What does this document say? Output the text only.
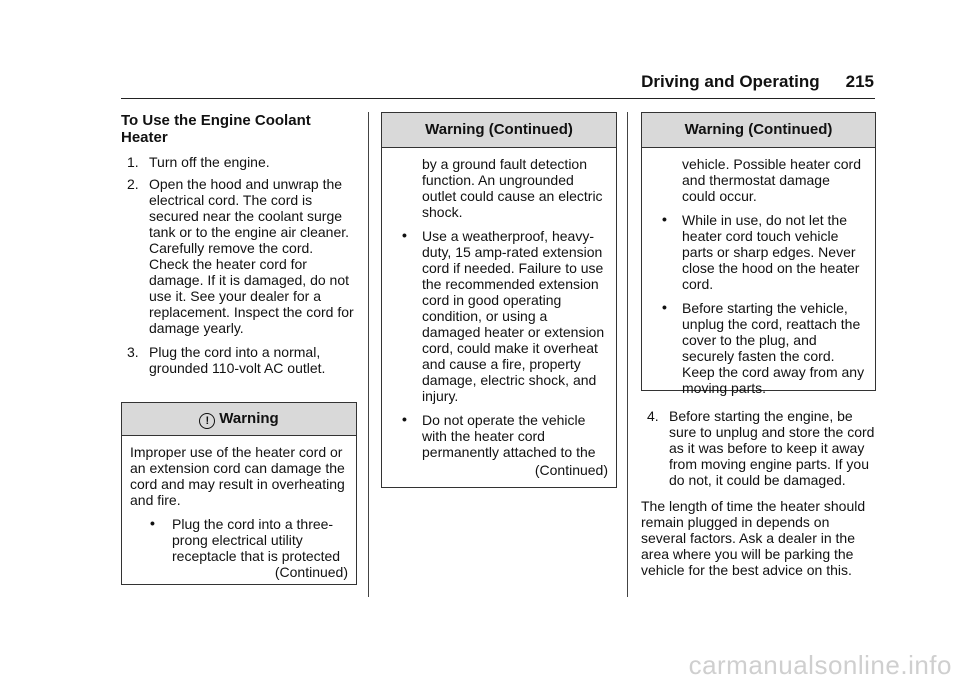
Driving and Operating 215
To Use the Engine Coolant Heater
1. Turn off the engine.

2. Open the hood and unwrap the electrical cord. The cord is secured near the coolant surge tank or to the engine air cleaner. Carefully remove the cord.

Check the heater cord for damage. If it is damaged, do not use it. See your dealer for a replacement. Inspect the cord for damage yearly.

3. Plug the cord into a normal, grounded 110-volt AC outlet.

! Warning

Improper use of the heater cord or an extension cord can damage the cord and may result in overheating and fire.

• Plug the cord into a three-prong electrical utility receptacle that is protected

(Continued)

Warning (Continued)

by a ground fault detection function. An ungrounded outlet could cause an electric shock.

• Use a weatherproof, heavy-duty, 15 amp-rated extension cord if needed. Failure to use the recommended extension cord in good operating condition, or using a damaged heater or extension cord, could make it overheat and cause a fire, property damage, electric shock, and injury.

• Do not operate the vehicle with the heater cord permanently attached to the

(Continued)

Warning (Continued)

vehicle. Possible heater cord and thermostat damage could occur.

• While in use, do not let the heater cord touch vehicle parts or sharp edges. Never close the hood on the heater cord.

• Before starting the vehicle, unplug the cord, reattach the cover to the plug, and securely fasten the cord. Keep the cord away from any moving parts.

4. Before starting the engine, be sure to unplug and store the cord as it was before to keep it away from moving engine parts. If you do not, it could be damaged.

The length of time the heater should remain plugged in depends on several factors. Ask a dealer in the area where you will be parking the vehicle for the best advice on this.

carmanualsonline.info
